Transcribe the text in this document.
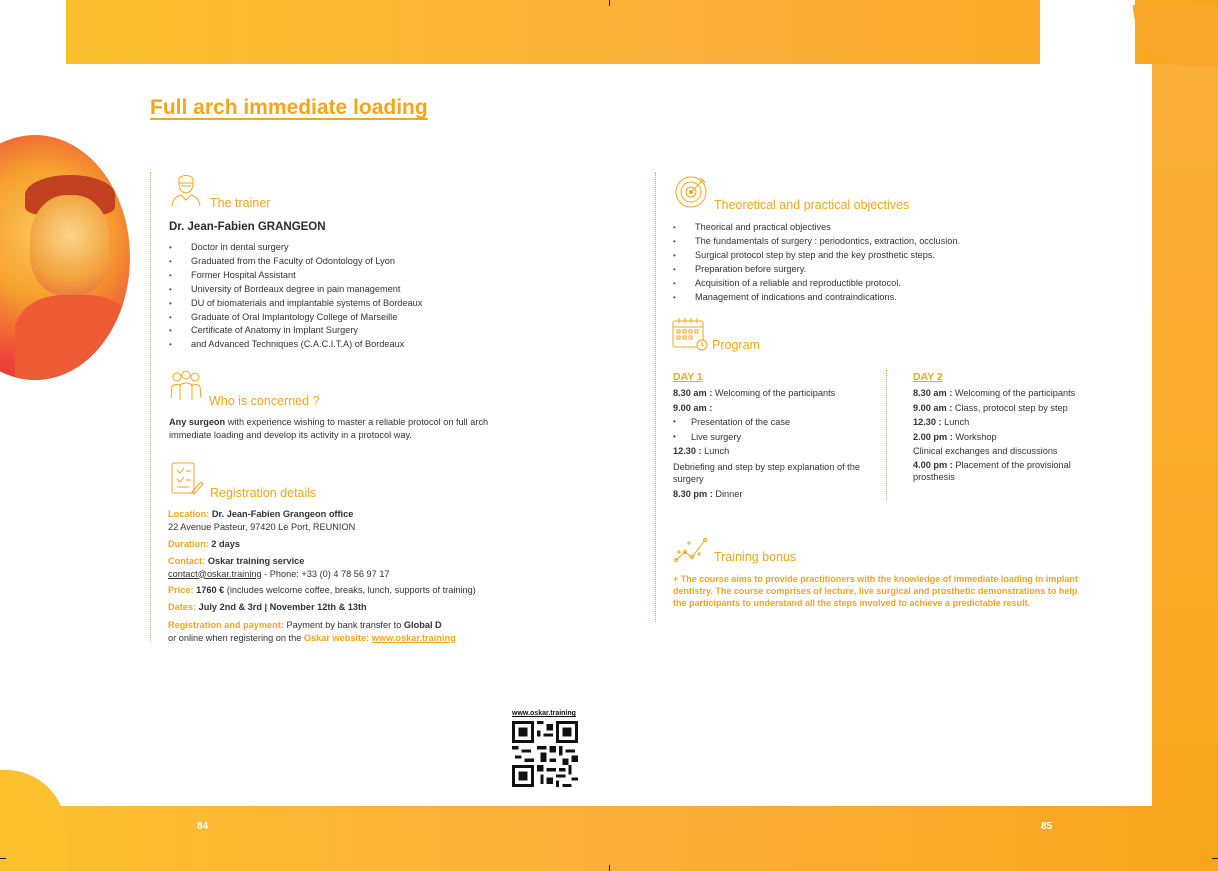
Full arch immediate loading
The trainer
Dr. Jean-Fabien GRANGEON
• Doctor in dental surgery
• Graduated from the Faculty of Odontology of Lyon
• Former Hospital Assistant
• University of Bordeaux degree in pain management
• DU of biomaterials and implantable systems of Bordeaux
• Graduate of Oral Implantology College of Marseille
• Certificate of Anatomy in Implant Surgery
• and Advanced Techniques (C.A.C.I.T.A) of Bordeaux
Who is concerned ?
Any surgeon with experience wishing to master a reliable protocol on full arch immediate loading and develop its activity in a protocol way.
Registration details
Location: Dr. Jean-Fabien Grangeon office
22 Avenue Pasteur, 97420 Le Port, REUNION
Duration: 2 days
Contact: Oskar training service
contact@oskar.training - Phone: +33 (0) 4 78 56 97 17
Price: 1760 € (includes welcome coffee, breaks, lunch, supports of training)
Dates: July 2nd & 3rd | November 12th & 13th
Registration and payment: Payment by bank transfer to Global D
or online when registering on the Oskar website: www.oskar.training
Theoretical and practical objectives
• Theorical and practical objectives
• The fundamentals of surgery : periodontics, extraction, occlusion.
• Surgical protocol step by step and the key prosthetic steps.
• Preparation before surgery.
• Acquisition of a reliable and reproductible protocol.
• Management of indications and contraindications.
Program
DAY 1
8.30 am : Welcoming of the participants
9.00 am :
• Presentation of the case
• Live surgery
12.30 : Lunch
Debriefing and step by step explanation of the surgery
8.30 pm : Dinner
DAY 2
8.30 am : Welcoming of the participants
9.00 am : Class, protocol step by step
12.30 : Lunch
2.00 pm : Workshop
Clinical exchanges and discussions
4.00 pm : Placement of the provisional prosthesis
Training bonus
+ The course aims to provide practitioners with the knowledge of immediate loading in implant dentistry. The course comprises of lecture, live surgical and prosthetic demonstrations to help the participants to understand all the steps involved to achieve a predictable result.
www.oskar.training
84	85
